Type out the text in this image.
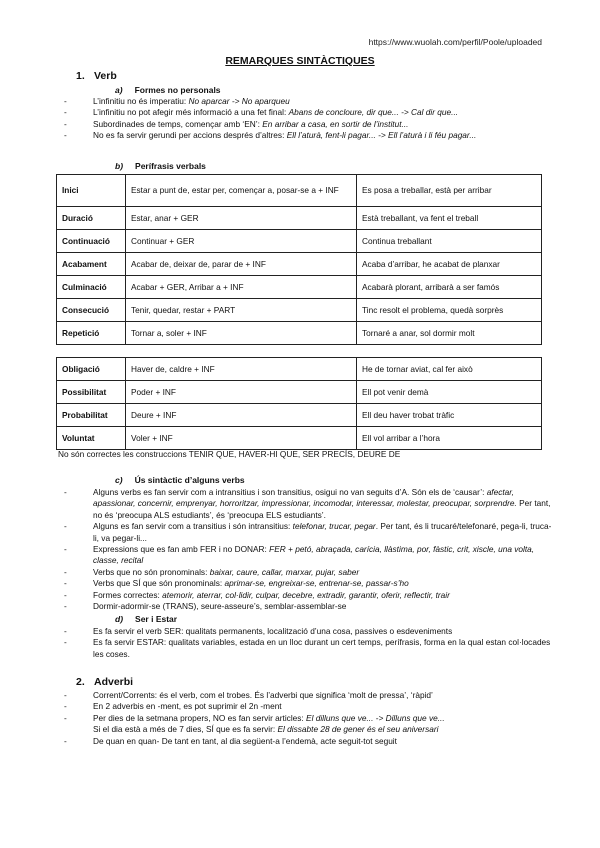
https://www.wuolah.com/perfil/Poole/uploaded
REMARQUES SINTÀCTIQUES
1. Verb
a) Formes no personals
- L’infinitiu no és imperatiu: No aparcar -> No aparqueu
- L’infinitiu no pot afegir més informació a una fet final: Abans de concloure, dir que... -> Cal dir que...
- Subordinades de temps, començar amb ‘EN’: En arribar a casa, en sortir de l’institut...
- No es fa servir gerundi per accions després d’altres: Ell l’aturà, fent-li pagar... -> Ell l’aturà i li féu pagar...
b) Perífrasis verbals
Inici	Estar a punt de, estar per, començar a, posar-se a + INF	Es posa a treballar, està per arribar
Duració	Estar, anar + GER	Està treballant, va fent el treball
Continuació	Continuar + GER	Continua treballant
Acabament	Acabar de, deixar de, parar de + INF	Acaba d’arribar, he acabat de planxar
Culminació	Acabar + GER, Arribar a + INF	Acabarà plorant, arribarà a ser famós
Consecució	Tenir, quedar, restar + PART	Tinc resolt el problema, quedà sorprès
Repetició	Tornar a, soler + INF	Tornaré a anar, sol dormir molt
Obligació	Haver de, caldre + INF	He de tornar aviat, cal fer això
Possibilitat	Poder + INF	Ell pot venir demà
Probabilitat	Deure + INF	Ell deu haver trobat tràfic
Voluntat	Voler + INF	Ell vol arribar a l’hora
No són correctes les construccions TENIR QUE, HAVER-HI QUE, SER PRECÍS, DEURE DE
c) Ús sintàctic d’alguns verbs
- Alguns verbs es fan servir com a intransitius i son transitius, osigui no van seguits d’A. Són els de ‘causar’: afectar, apassionar, concernir, emprenyar, horroritzar, impressionar, incomodar, interessar, molestar, preocupar, sorprendre. Per tant, no és ‘preocupa ALS estudiants’, és ‘preocupa ELS estudiants’.
- Alguns es fan servir com a transitius i són intransitius: telefonar, trucar, pegar. Per tant, és li trucaré/telefonaré, pega-li, truca-li, va pegar-li...
- Expressions que es fan amb FER i no DONAR: FER + petó, abraçada, carícia, llàstima, por, fàstic, crit, xiscle, una volta, classe, recital
- Verbs que no són pronominals: baixar, caure, callar, marxar, pujar, saber
- Verbs que SÍ que són pronominals: aprimar-se, engreixar-se, entrenar-se, passar-s’ho
- Formes correctes: atemorir, aterrar, col·lidir, culpar, decebre, extradir, garantir, oferir, reflectir, trair
- Dormir-adormir-se (TRANS), seure-asseure’s, semblar-assemblar-se
d) Ser i Estar
- Es fa servir el verb SER: qualitats permanents, localització d’una cosa, passives o esdeveniments
- Es fa servir ESTAR: qualitats variables, estada en un lloc durant un cert temps, perífrasis, forma en la qual estan col·locades les coses.
2. Adverbi
- Corrent/Corrents: és el verb, com el trobes. És l’adverbi que significa ‘molt de pressa’, ‘ràpid’
- En 2 adverbis en -ment, es pot suprimir el 2n -ment
- Per dies de la setmana propers, NO es fan servir articles: El dilluns que ve... -> Dilluns que ve...
Si el dia està a més de 7 dies, SÍ que es fa servir: El dissabte 28 de gener és el seu aniversari
- De quan en quan- De tant en tant, al dia següent-a l’endemà, acte seguit-tot seguit
